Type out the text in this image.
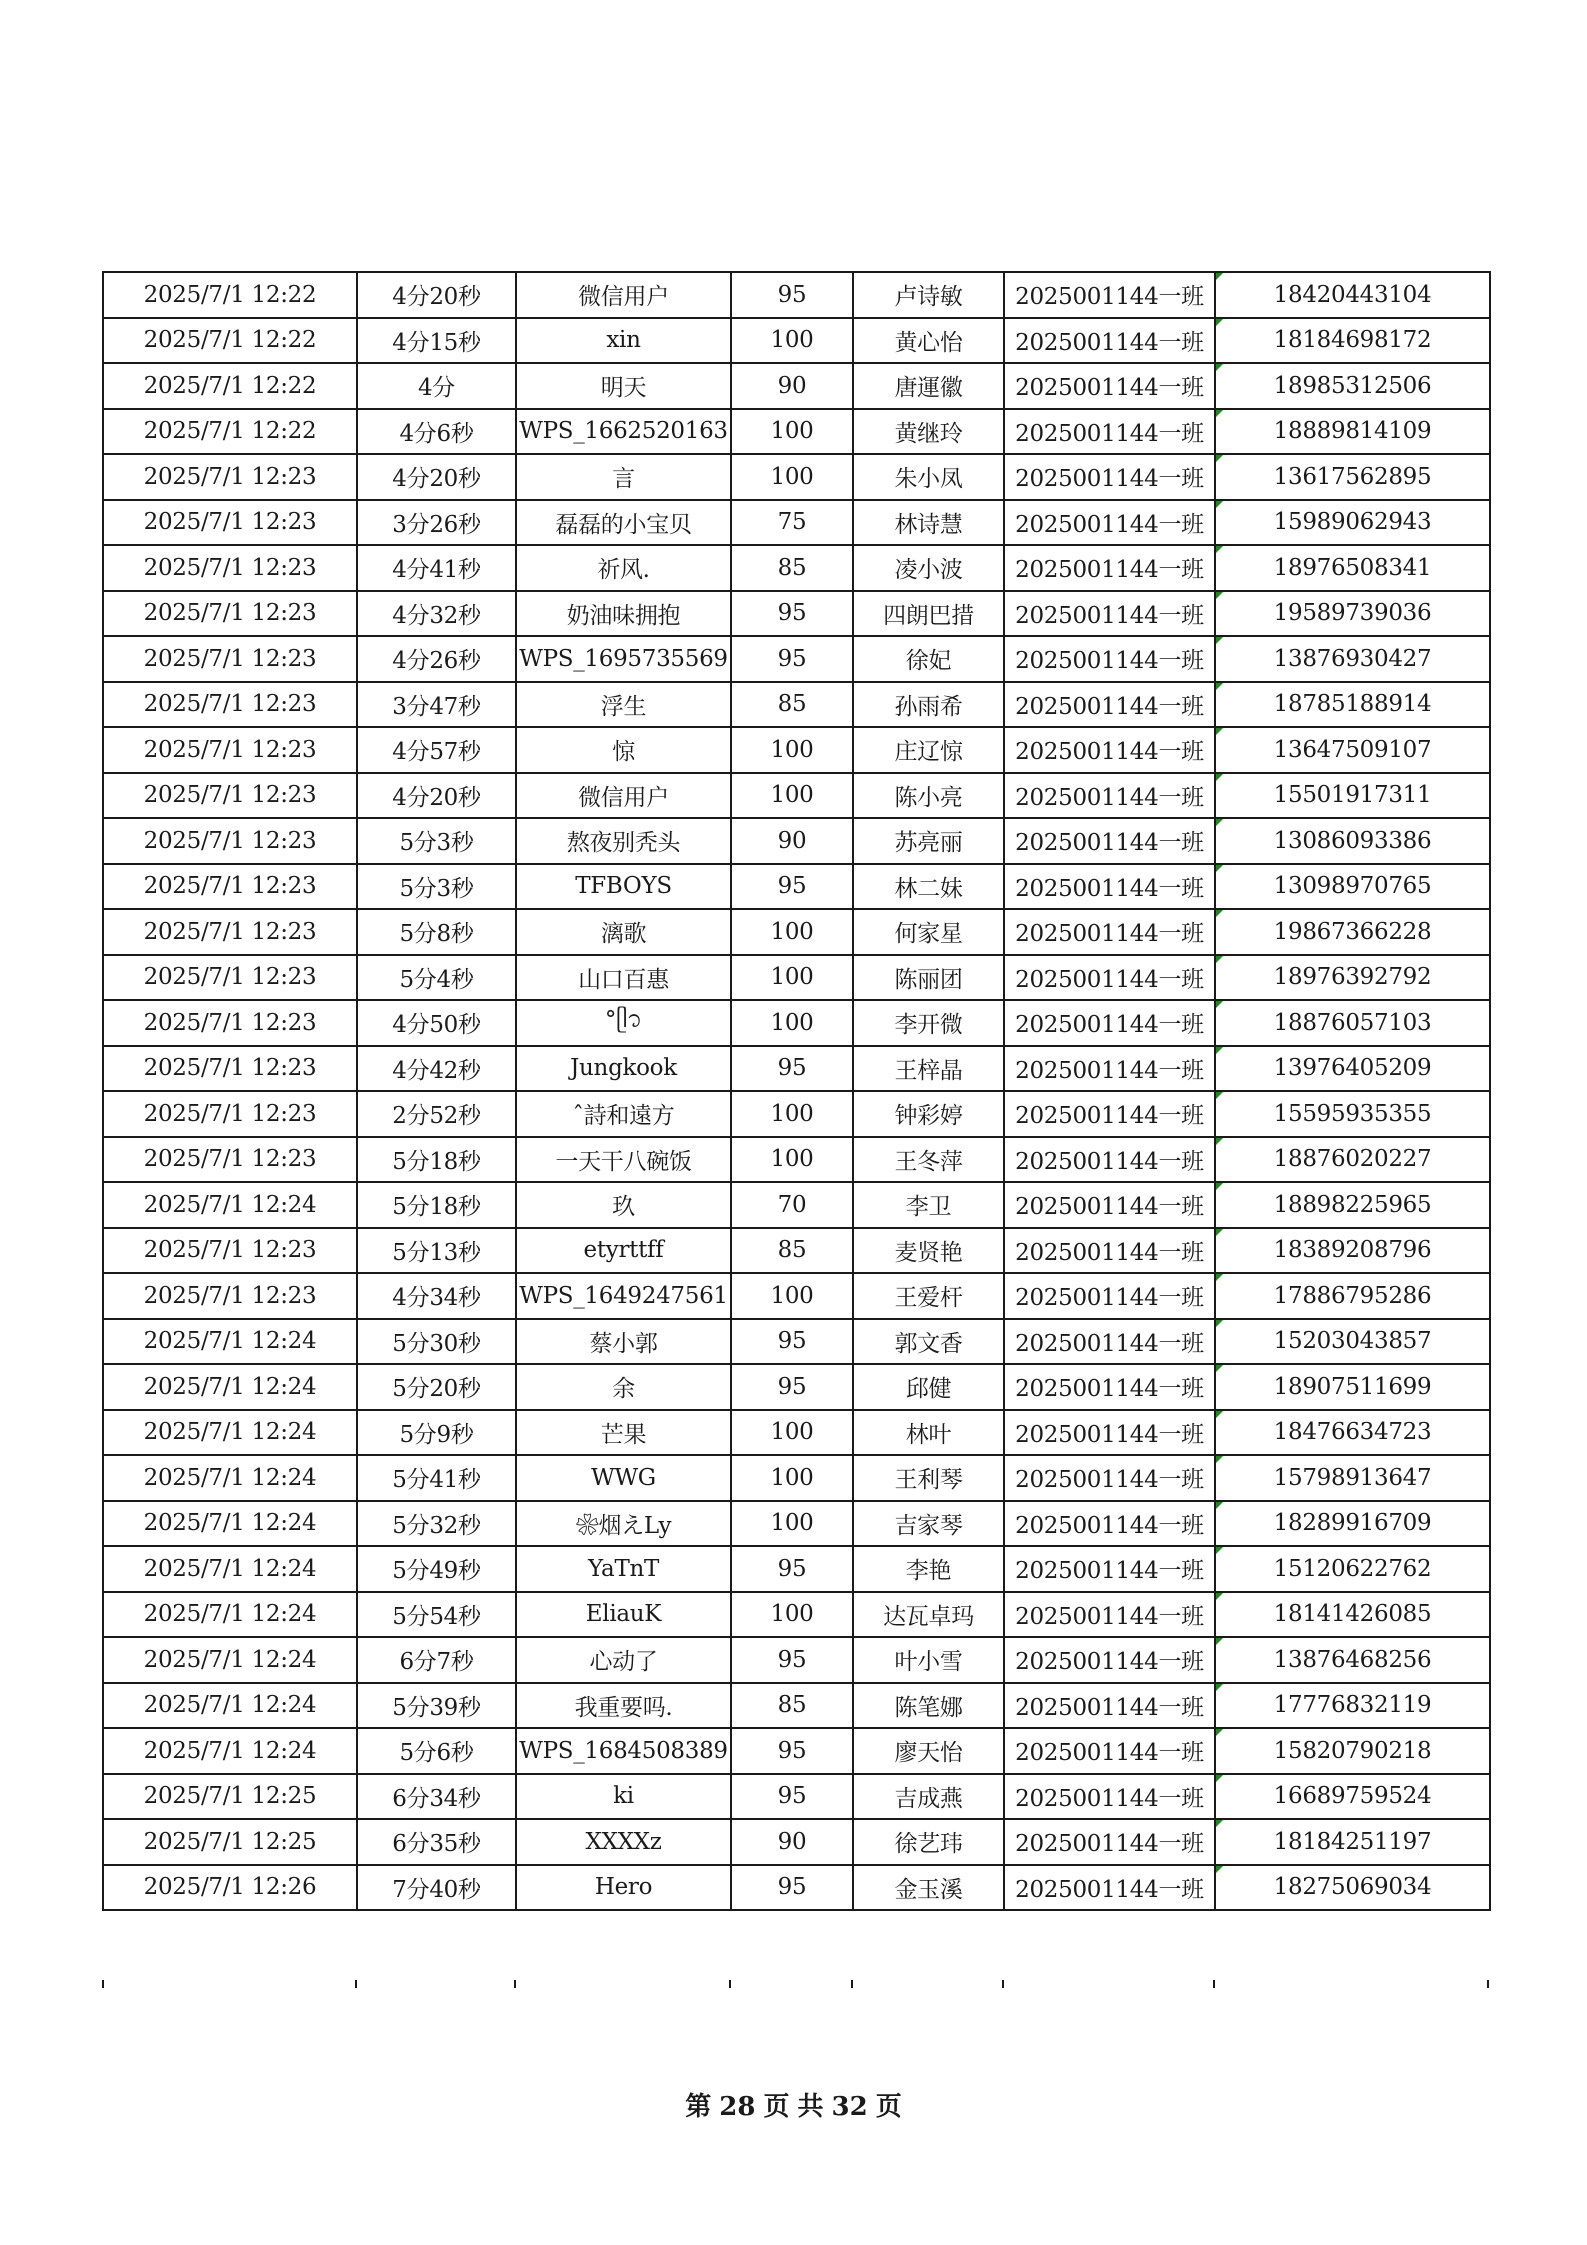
2025/7/1 12:22	4分20秒	微信用户	95	卢诗敏	2025001144一班	18420443104
2025/7/1 12:22	4分15秒	xin	100	黄心怡	2025001144一班	18184698172
2025/7/1 12:22	4分	明天	90	唐運徽	2025001144一班	18985312506
2025/7/1 12:22	4分6秒	WPS_1662520163	100	黄继玲	2025001144一班	18889814109
2025/7/1 12:23	4分20秒	言	100	朱小凤	2025001144一班	13617562895
2025/7/1 12:23	3分26秒	磊磊的小宝贝	75	林诗慧	2025001144一班	15989062943
2025/7/1 12:23	4分41秒	祈风.	85	凌小波	2025001144一班	18976508341
2025/7/1 12:23	4分32秒	奶油味拥抱	95	四朗巴措	2025001144一班	19589739036
2025/7/1 12:23	4分26秒	WPS_1695735569	95	徐妃	2025001144一班	13876930427
2025/7/1 12:23	3分47秒	浮生	85	孙雨希	2025001144一班	18785188914
2025/7/1 12:23	4分57秒	惊	100	庄辽惊	2025001144一班	13647509107
2025/7/1 12:23	4分20秒	微信用户	100	陈小亮	2025001144一班	15501917311
2025/7/1 12:23	5分3秒	熬夜别秃头	90	苏亮丽	2025001144一班	13086093386
2025/7/1 12:23	5分3秒	TFBOYS	95	林二妹	2025001144一班	13098970765
2025/7/1 12:23	5分8秒	漓歌	100	何家星	2025001144一班	19867366228
2025/7/1 12:23	5分4秒	山口百惠	100	陈丽团	2025001144一班	18976392792
2025/7/1 12:23	4分50秒	°ᥫ᭡	100	李开微	2025001144一班	18876057103
2025/7/1 12:23	4分42秒	Jungkook	95	王梓晶	2025001144一班	13976405209
2025/7/1 12:23	2分52秒	ˆ詩和遠方	100	钟彩婷	2025001144一班	15595935355
2025/7/1 12:23	5分18秒	一天干八碗饭	100	王冬萍	2025001144一班	18876020227
2025/7/1 12:24	5分18秒	玖	70	李卫	2025001144一班	18898225965
2025/7/1 12:23	5分13秒	etyrttff	85	麦贤艳	2025001144一班	18389208796
2025/7/1 12:23	4分34秒	WPS_1649247561	100	王爱杆	2025001144一班	17886795286
2025/7/1 12:24	5分30秒	蔡小郭	95	郭文香	2025001144一班	15203043857
2025/7/1 12:24	5分20秒	余	95	邱健	2025001144一班	18907511699
2025/7/1 12:24	5分9秒	芒果	100	林叶	2025001144一班	18476634723
2025/7/1 12:24	5分41秒	WWG	100	王利琴	2025001144一班	15798913647
2025/7/1 12:24	5分32秒	❀烟えLy	100	吉家琴	2025001144一班	18289916709
2025/7/1 12:24	5分49秒	YaTnT	95	李艳	2025001144一班	15120622762
2025/7/1 12:24	5分54秒	EliauK	100	达瓦卓玛	2025001144一班	18141426085
2025/7/1 12:24	6分7秒	心动了	95	叶小雪	2025001144一班	13876468256
2025/7/1 12:24	5分39秒	我重要吗.	85	陈笔娜	2025001144一班	17776832119
2025/7/1 12:24	5分6秒	WPS_1684508389	95	廖天怡	2025001144一班	15820790218
2025/7/1 12:25	6分34秒	ki	95	吉成燕	2025001144一班	16689759524
2025/7/1 12:25	6分35秒	XXXXz	90	徐艺玮	2025001144一班	18184251197
2025/7/1 12:26	7分40秒	Hero	95	金玉溪	2025001144一班	18275069034
第 28 页 共 32 页
